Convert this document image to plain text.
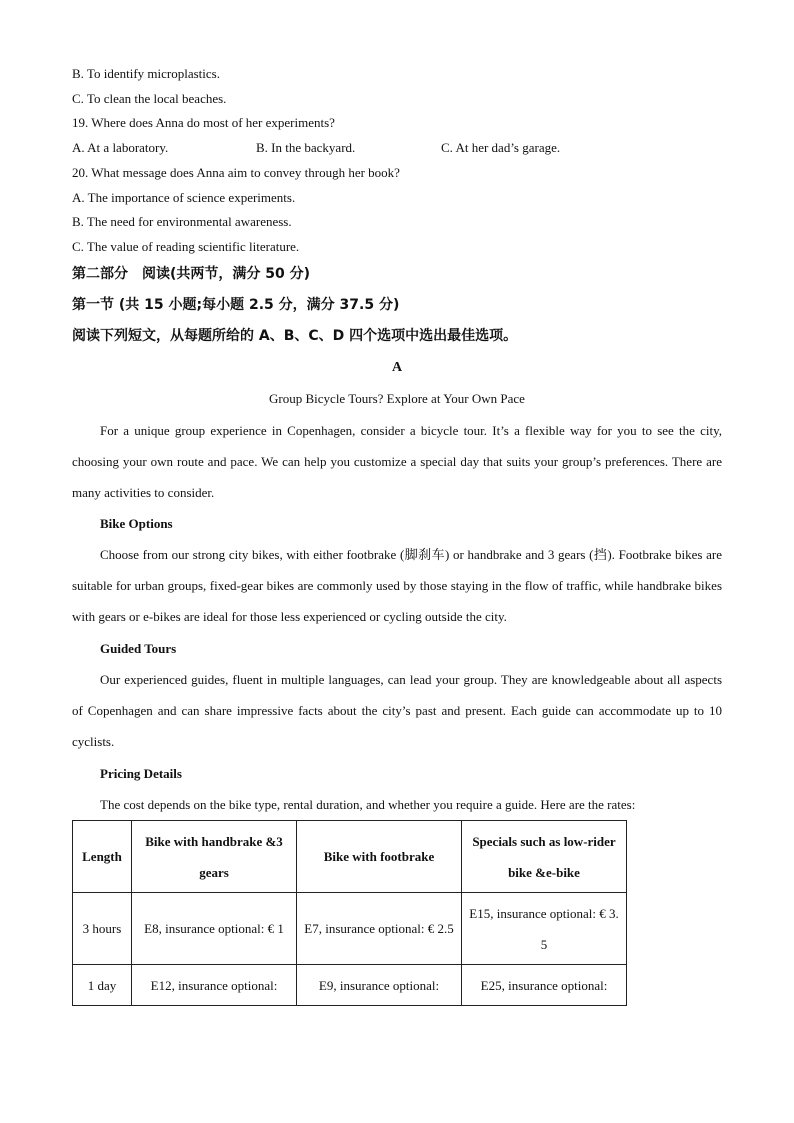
B. To identify microplastics.
C. To clean the local beaches.
19. Where does Anna do most of her experiments?
A. At a laboratory.	B. In the backyard.	C. At her dad’s garage.
20. What message does Anna aim to convey through her book?
A. The importance of science experiments.
B. The need for environmental awareness.
C. The value of reading scientific literature.
第二部分　阅读(共两节，满分 50 分)
第一节 (共 15 小题;每小题 2.5 分，满分 37.5 分)
阅读下列短文，从每题所给的 A、B、C、D 四个选项中选出最佳选项。
A
Group Bicycle Tours? Explore at Your Own Pace

For a unique group experience in Copenhagen, consider a bicycle tour. It’s a flexible way for you to see the city, choosing your own route and pace. We can help you customize a special day that suits your group’s preferences. There are many activities to consider.

Bike Options

Choose from our strong city bikes, with either footbrake (脚刹车) or handbrake and 3 gears (挡). Footbrake bikes are suitable for urban groups, fixed-gear bikes are commonly used by those staying in the flow of traffic, while handbrake bikes with gears or e-bikes are ideal for those less experienced or cycling outside the city.

Guided Tours

Our experienced guides, fluent in multiple languages, can lead your group. They are knowledgeable about all aspects of Copenhagen and can share impressive facts about the city’s past and present. Each guide can accommodate up to 10 cyclists.

Pricing Details
The cost depends on the bike type, rental duration, and whether you require a guide. Here are the rates:
Length	Bike with handbrake &3 gears	Bike with footbrake	Specials such as low-rider bike &e-bike
3 hours	E8, insurance optional: € 1	E7, insurance optional: € 2.5	E15, insurance optional: € 3. 5
1 day	E12, insurance optional:	E9, insurance optional:	E25, insurance optional:
